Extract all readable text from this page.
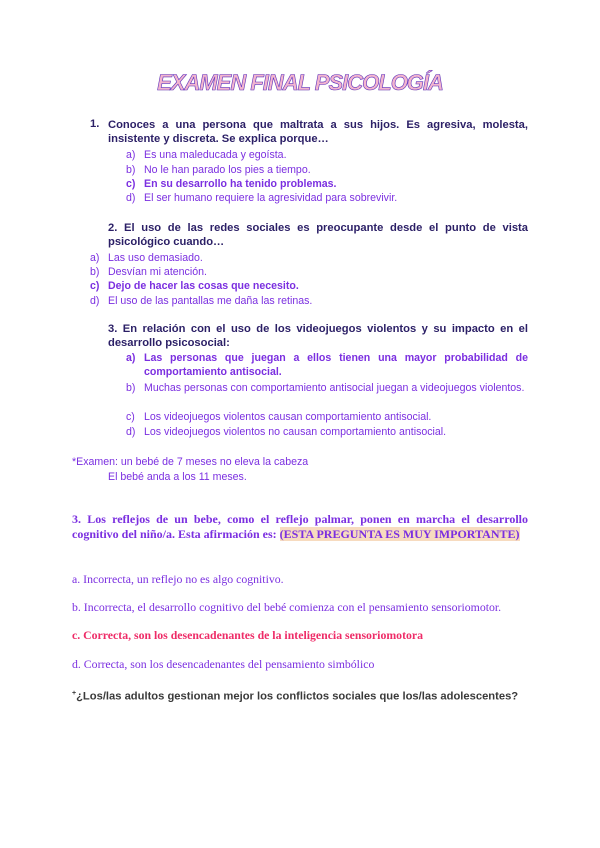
EXAMEN FINAL PSICOLOGÍA
1. Conoces a una persona que maltrata a sus hijos. Es agresiva, molesta, insistente y discreta. Se explica porque…
a) Es una maleducada y egoísta.
b) No le han parado los pies a tiempo.
c) En su desarrollo ha tenido problemas.
d) El ser humano requiere la agresividad para sobrevivir.
2. El uso de las redes sociales es preocupante desde el punto de vista psicológico cuando…
a) Las uso demasiado.
b) Desvían mi atención.
c) Dejo de hacer las cosas que necesito.
d) El uso de las pantallas me daña las retinas.
3. En relación con el uso de los videojuegos violentos y su impacto en el desarrollo psicosocial:
a) Las personas que juegan a ellos tienen una mayor probabilidad de comportamiento antisocial.
b) Muchas personas con comportamiento antisocial juegan a videojuegos violentos.
c) Los videojuegos violentos causan comportamiento antisocial.
d) Los videojuegos violentos no causan comportamiento antisocial.
*Examen: un bebé de 7 meses no eleva la cabeza
El bebé anda a los 11 meses.
3. Los reflejos de un bebe, como el reflejo palmar, ponen en marcha el desarrollo cognitivo del niño/a. Esta afirmación es: (ESTA PREGUNTA ES MUY IMPORTANTE)
a. Incorrecta, un reflejo no es algo cognitivo.
b. Incorrecta, el desarrollo cognitivo del bebé comienza con el pensamiento sensoriomotor.
c. Correcta, son los desencadenantes de la inteligencia sensoriomotora
d. Correcta, son los desencadenantes del pensamiento simbólico
+¿Los/las adultos gestionan mejor los conflictos sociales que los/las adolescentes?
